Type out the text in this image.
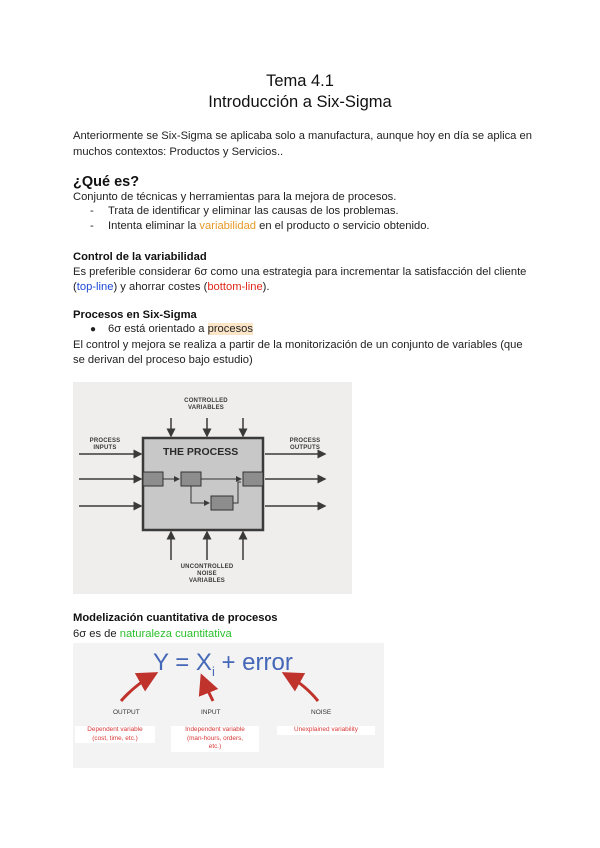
Tema 4.1
Introducción a Six-Sigma
Anteriormente se Six-Sigma se aplicaba solo a manufactura, aunque hoy en día se aplica en
muchos contextos: Productos y Servicios..
¿Qué es?
Conjunto de técnicas y herramientas para la mejora de procesos.
- Trata de identificar y eliminar las causas de los problemas.
- Intenta eliminar la variabilidad en el producto o servicio obtenido.
Control de la variabilidad
Es preferible considerar 6σ como una estrategia para incrementar la satisfacción del cliente
(top-line) y ahorrar costes (bottom-line).
Procesos en Six-Sigma
● 6σ está orientado a procesos
El control y mejora se realiza a partir de la monitorización de un conjunto de variables (que
se derivan del proceso bajo estudio)
CONTROLLED
VARIABLES
PROCESS
INPUTS
PROCESS
OUTPUTS
THE PROCESS
UNCONTROLLED
NOISE
VARIABLES
Modelización cuantitativa de procesos
6σ es de naturaleza cuantitativa
$Y = X_i$ + error
OUTPUT	INPUT	NOISE
Dependent variable
(cost, time, etc.)
Independent variable
(man-hours, orders,
etc.)
Unexplained variability
